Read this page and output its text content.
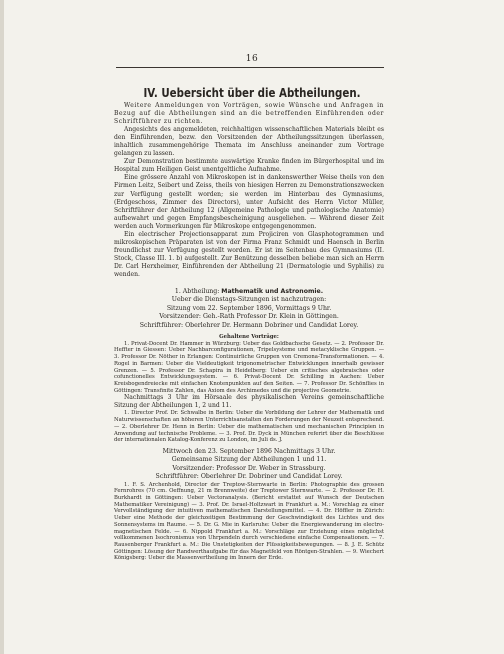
16
IV. Uebersicht über die Abtheilungen.

Weitere Anmeldungen von Vorträgen, sowie Wünsche und Anfragen in Bezug auf die Abtheilungen sind an die betreffenden Einführenden oder Schriftführer zu richten.

Angesichts des angemeldeten, reichhaltigen wissenschaftlichen Materials bleibt es den Einführenden, bezw. den Vorsitzenden der Abtheilungssitzungen überlassen, inhaltlich zusammengehörige Themata im Anschluss aneinander zum Vortrage gelangen zu lassen.

Zur Demonstration bestimmte auswärtige Kranke finden im Bürgerhospital und im Hospital zum Heiligen Geist unentgeltliche Aufnahme.

Eine grössere Anzahl von Mikroskopen ist in dankenswerther Weise theils von den Firmen Leitz, Seibert und Zeiss, theils von hiesigen Herren zu Demonstrationszwecken zur Verfügung gestellt worden; sie werden im Hinterbau des Gymnasiums, (Erdgeschoss, Zimmer des Directors), unter Aufsicht des Herrn Victor Müller, Schriftführer der Abtheilung 12 (Allgemeine Pathologie und pathologische Anatomie) aufbewahrt und gegen Empfangsbescheinigung ausgeliehen. — Während dieser Zeit werden auch Vormerkungen für Mikroskope entgegengenommen.

Ein electrischer Projectionsapparat zum Projiciren von Glasphotogrammen und mikroskopischen Präparaten ist von der Firma Franz Schmidt und Haensch in Berlin freundlichst zur Verfügung gestellt worden. Er ist im Seitenbau des Gymnasiums (II. Stock, Classe III. 1. b) aufgestellt. Zur Benützung desselben beliebe man sich an Herrn Dr. Carl Herxheimer, Einführenden der Abtheilung 21 (Dermatologie und Syphilis) zu wenden.

1. Abtheilung: Mathematik und Astronomie.

Ueber die Dienstags-Sitzungen ist nachzutragen:

Sitzung vom 22. September 1896, Vormittags 9 Uhr.

Vorsitzender: Geh.-Rath Professor Dr. Klein in Göttingen.

Schriftführer: Oberlehrer Dr. Hermann Dobriner und Candidat Lorey.

Gehaltene Vorträge:

1. Privat-Docent Dr. Hammer in Würzburg: Ueber das Goldbachsche Gesetz. — 2. Professor Dr. Heffter in Giessen: Ueber Nachbarconfigurationen, Tripelsysteme und metacyklische Gruppen. — 3. Professor Dr. Nöther in Erlangen: Continuirliche Gruppen von Cremona-Transformationen. — 4. Rogel in Barmen: Ueber die Vieldeutigkeit trigonometrischer Entwicklungen innerhalb gewisser Grenzen. — 5. Professor Dr. Schapira in Heidelberg: Ueber ein critisches algebraisches oder cofunctionelles Entwicklungssystem. — 6. Privat-Docent Dr. Schilling in Aachen: Ueber Kreisbogendreiecke mit einfachen Knotenpunkten auf den Seiten. — 7. Professor Dr. Schönflies in Göttingen: Transfinite Zahlen, das Axiom des Archimedes und die projective Geometrie.

Nachmittags 3 Uhr im Hörsaale des physikalischen Vereins gemeinschaftliche Sitzung der Abtheilungen 1, 2 und 11.

1. Director Prof. Dr. Schwalbe in Berlin: Ueber die Vorbildung der Lehrer der Mathematik und Naturwissenschaften an höheren Unterrichtsanstalten den Forderungen der Neuzeit entsprechend. — 2. Oberlehrer Dr. Henn in Berlin: Ueber die mathematischen und mechanischen Principien in Anwendung auf technische Probleme. — 3. Prof. Dr. Dyck in München referirt über die Beschlüsse der internationalen Katalog-Konferenz zu London, im Juli ds. J.

Mittwoch den 23. September 1896 Nachmittags 3 Uhr.

Gemeinsame Sitzung der Abtheilungen 1 und 11.

Vorsitzender: Professor Dr. Weber in Strassburg.

Schriftführer: Oberlehrer Dr. Dobriner und Candidat Lorey.

1. F. S. Archenhold, Director der Treptow-Sternwarte in Berlin: Photographie des grossen Fernrohres (70 cm. Oeffnung, 21 m Brennweite) der Treptower Sternwarte. — 2. Professor Dr. H. Burkhardt in Göttingen: Ueber Vectoranalysis. (Bericht erstattet auf Wunsch der Deutschen Mathematiker Vereinigung) — 3. Prof. Dr. Israel-Holtzwart in Frankfurt a. M.: Vorschlag zu einer Vervollständigung der intuitiven mathematischen Darstellungsmittel. — 4. Dr. Höffler in Zürich: Ueber eine Methode der gleichzeitigen Bestimmung der Geschwindigkeit des Lichtes und des Sonnensystems im Raume. — 5. Dr. G. Mie in Karlsruhe: Ueber die Energiewanderung im electro-magnetischen Felde. — 6. Nippold Frankfurt a. M.: Vorschläge zur Erziehung eines möglichst vollkommenen Isochronismus von Uhrpendeln durch verschiedene einfache Compensationen. — 7. Rausenberger Frankfurt a. M.: Die Unstetigkeiten der Flüssigkeitsbewegungen. — 8. J. E. Schütz Göttingen: Lösung der Randwerthaufgabe für das Magnetfeld von Röntgen-Strahlen. — 9. Wiechert Königsberg: Ueber die Massenvertheilung im Innern der Erde.
